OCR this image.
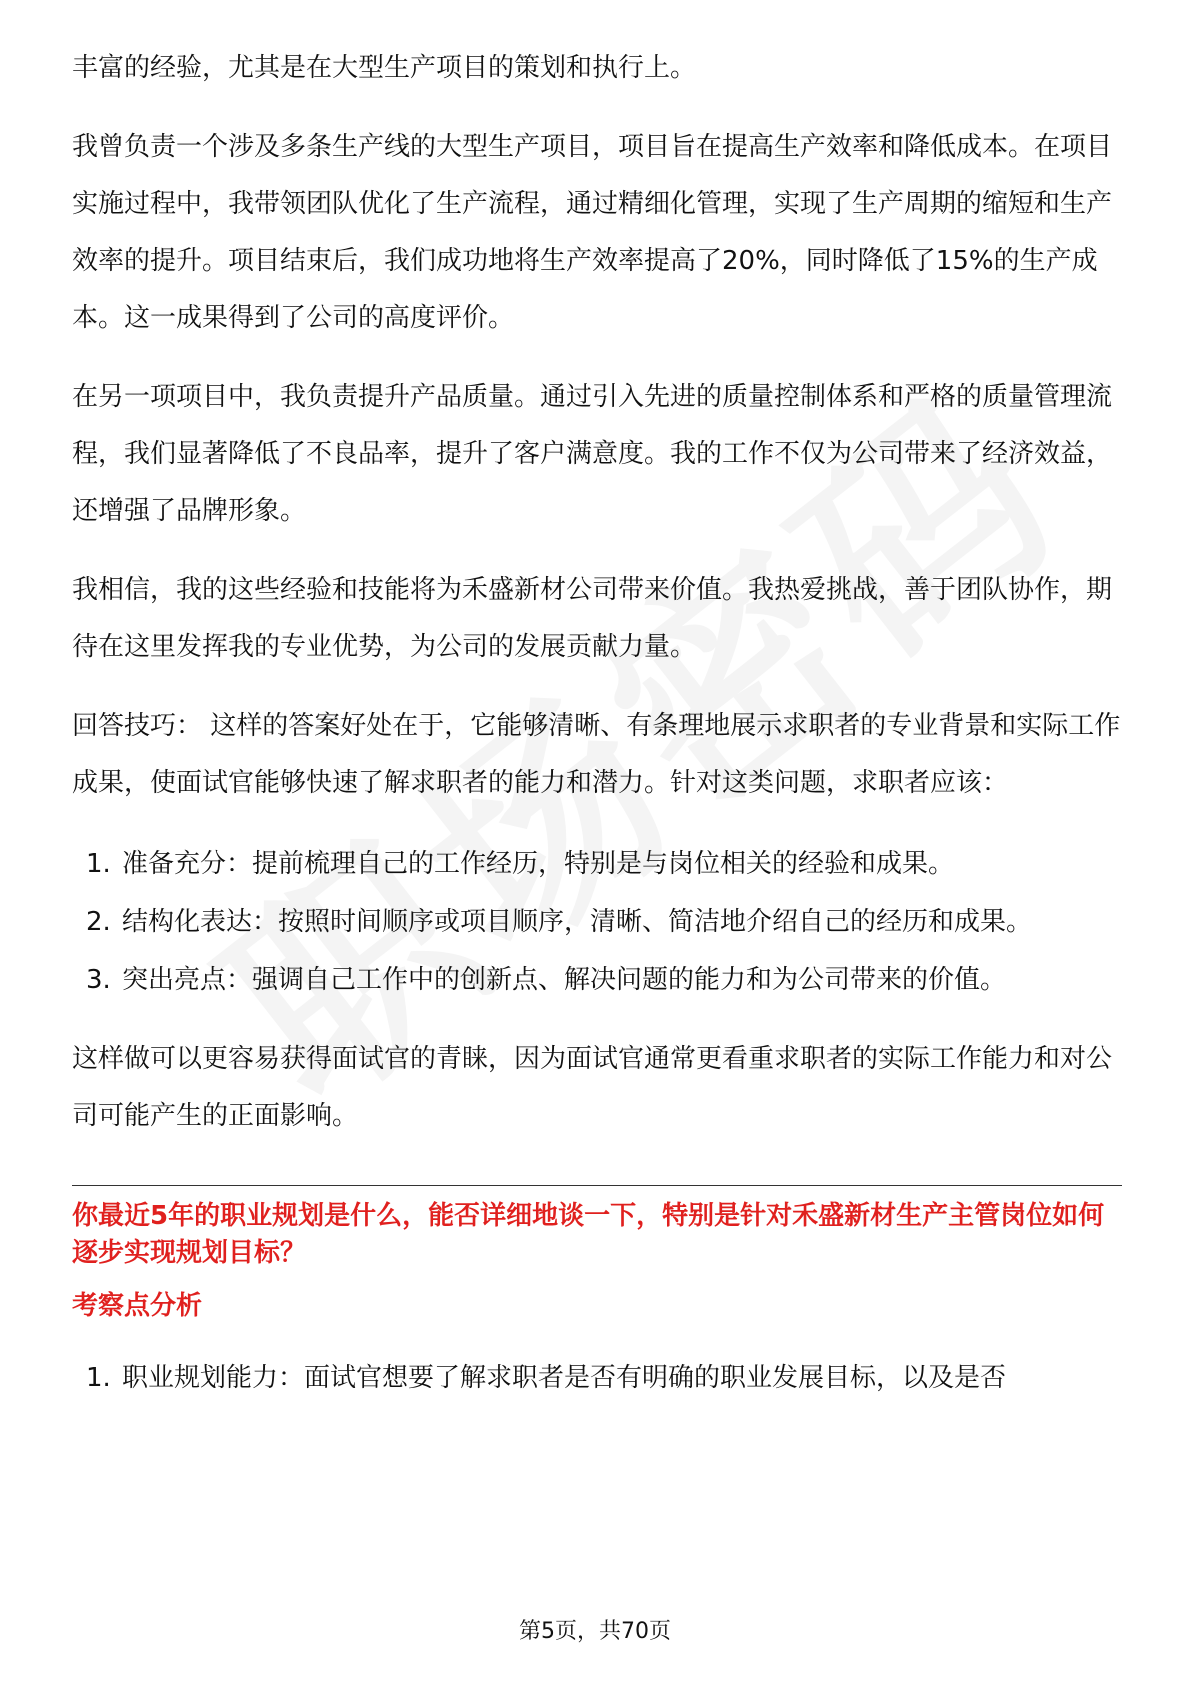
丰富的经验，尤其是在大型生产项目的策划和执行上。

我曾负责一个涉及多条生产线的大型生产项目，项目旨在提高生产效率和降低成本。在项目实施过程中，我带领团队优化了生产流程，通过精细化管理，实现了生产周期的缩短和生产效率的提升。项目结束后，我们成功地将生产效率提高了20%，同时降低了15%的生产成本。这一成果得到了公司的高度评价。

在另一项项目中，我负责提升产品质量。通过引入先进的质量控制体系和严格的质量管理流程，我们显著降低了不良品率，提升了客户满意度。我的工作不仅为公司带来了经济效益，还增强了品牌形象。

我相信，我的这些经验和技能将为禾盛新材公司带来价值。我热爱挑战，善于团队协作，期待在这里发挥我的专业优势，为公司的发展贡献力量。

回答技巧： 这样的答案好处在于，它能够清晰、有条理地展示求职者的专业背景和实际工作成果，使面试官能够快速了解求职者的能力和潜力。针对这类问题，求职者应该：

1. 准备充分：提前梳理自己的工作经历，特别是与岗位相关的经验和成果。
2. 结构化表达：按照时间顺序或项目顺序，清晰、简洁地介绍自己的经历和成果。
3. 突出亮点：强调自己工作中的创新点、解决问题的能力和为公司带来的价值。

这样做可以更容易获得面试官的青睐，因为面试官通常更看重求职者的实际工作能力和对公司可能产生的正面影响。

你最近5年的职业规划是什么，能否详细地谈一下，特别是针对禾盛新材生产主管岗位如何逐步实现规划目标？
考察点分析
1. 职业规划能力：面试官想要了解求职者是否有明确的职业发展目标，以及是否
第5页，共70页
